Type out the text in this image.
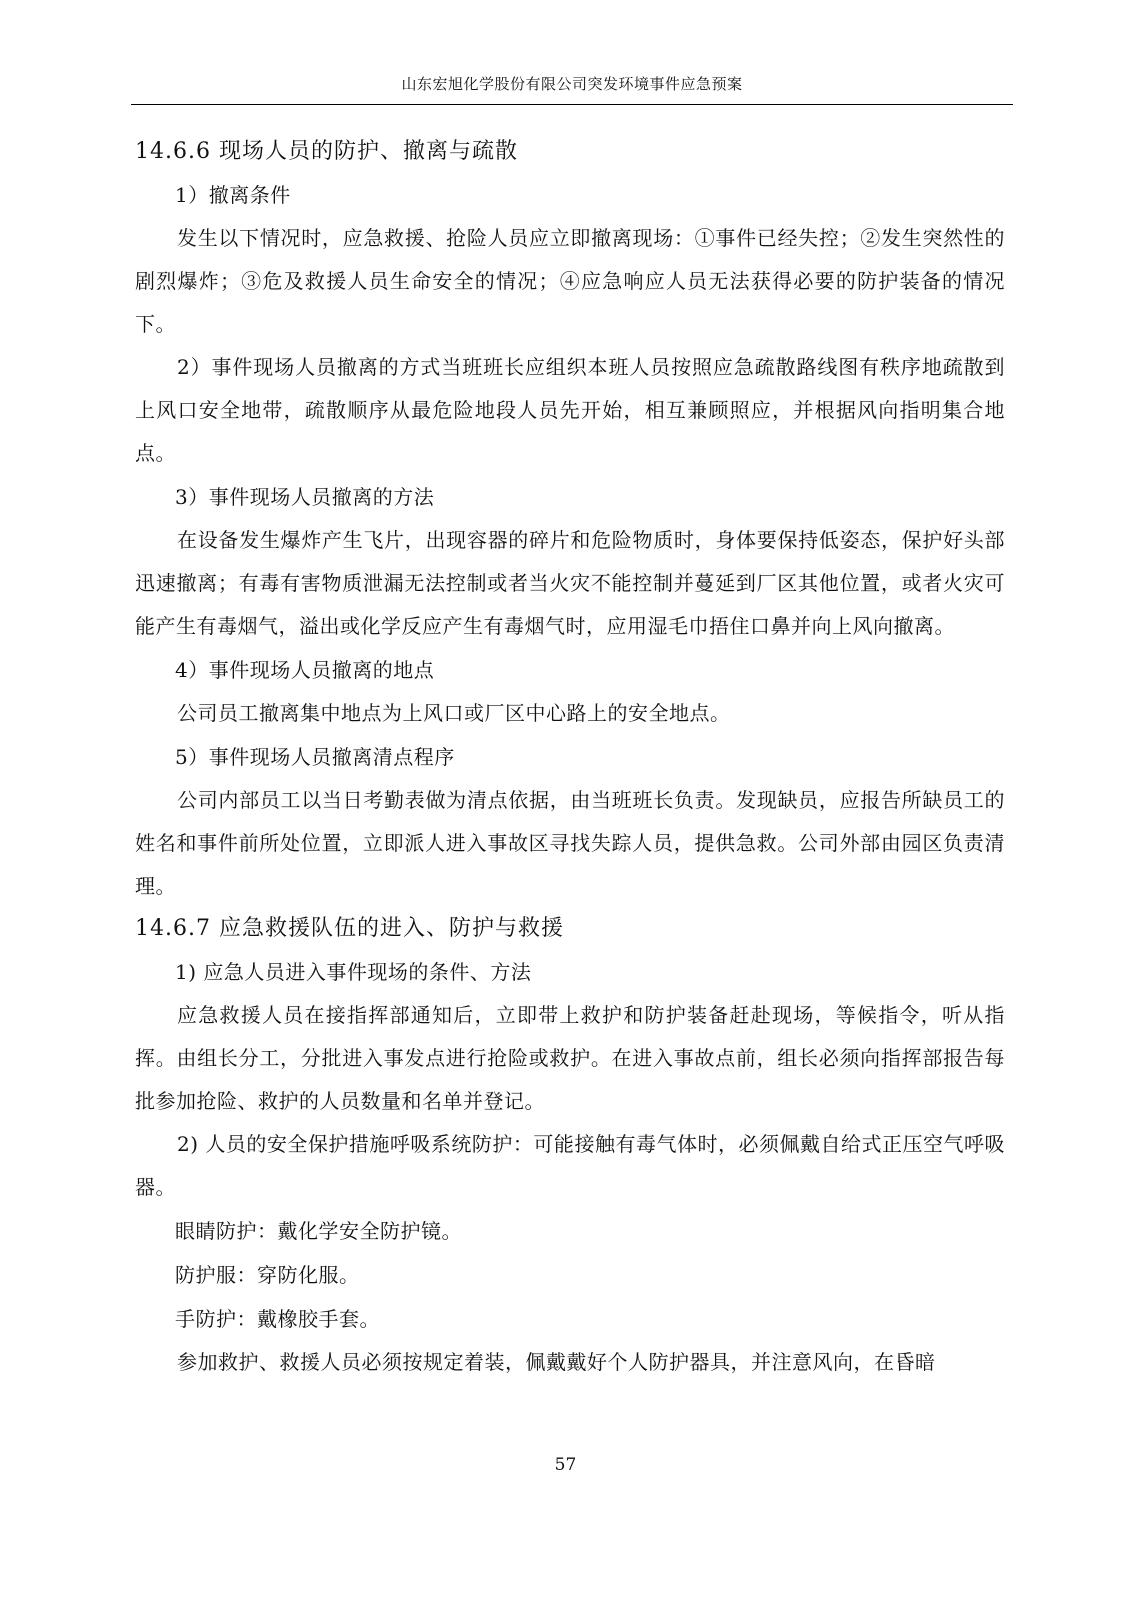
山东宏旭化学股份有限公司突发环境事件应急预案
14.6.6 现场人员的防护、撤离与疏散

1）撤离条件

发生以下情况时，应急救援、抢险人员应立即撤离现场：①事件已经失控；②发生突然性的剧烈爆炸；③危及救援人员生命安全的情况；④应急响应人员无法获得必要的防护装备的情况下。

2）事件现场人员撤离的方式当班班长应组织本班人员按照应急疏散路线图有秩序地疏散到上风口安全地带，疏散顺序从最危险地段人员先开始，相互兼顾照应，并根据风向指明集合地点。

3）事件现场人员撤离的方法

在设备发生爆炸产生飞片，出现容器的碎片和危险物质时，身体要保持低姿态，保护好头部迅速撤离；有毒有害物质泄漏无法控制或者当火灾不能控制并蔓延到厂区其他位置，或者火灾可能产生有毒烟气，溢出或化学反应产生有毒烟气时，应用湿毛巾捂住口鼻并向上风向撤离。

4）事件现场人员撤离的地点

公司员工撤离集中地点为上风口或厂区中心路上的安全地点。

5）事件现场人员撤离清点程序

公司内部员工以当日考勤表做为清点依据，由当班班长负责。发现缺员，应报告所缺员工的姓名和事件前所处位置，立即派人进入事故区寻找失踪人员，提供急救。公司外部由园区负责清理。

14.6.7 应急救援队伍的进入、防护与救援

1) 应急人员进入事件现场的条件、方法

应急救援人员在接指挥部通知后，立即带上救护和防护装备赶赴现场，等候指令，听从指挥。由组长分工，分批进入事发点进行抢险或救护。在进入事故点前，组长必须向指挥部报告每批参加抢险、救护的人员数量和名单并登记。

2) 人员的安全保护措施呼吸系统防护：可能接触有毒气体时，必须佩戴自给式正压空气呼吸器。

眼睛防护：戴化学安全防护镜。

防护服：穿防化服。

手防护：戴橡胶手套。

参加救护、救援人员必须按规定着装，佩戴戴好个人防护器具，并注意风向，在昏暗

57
